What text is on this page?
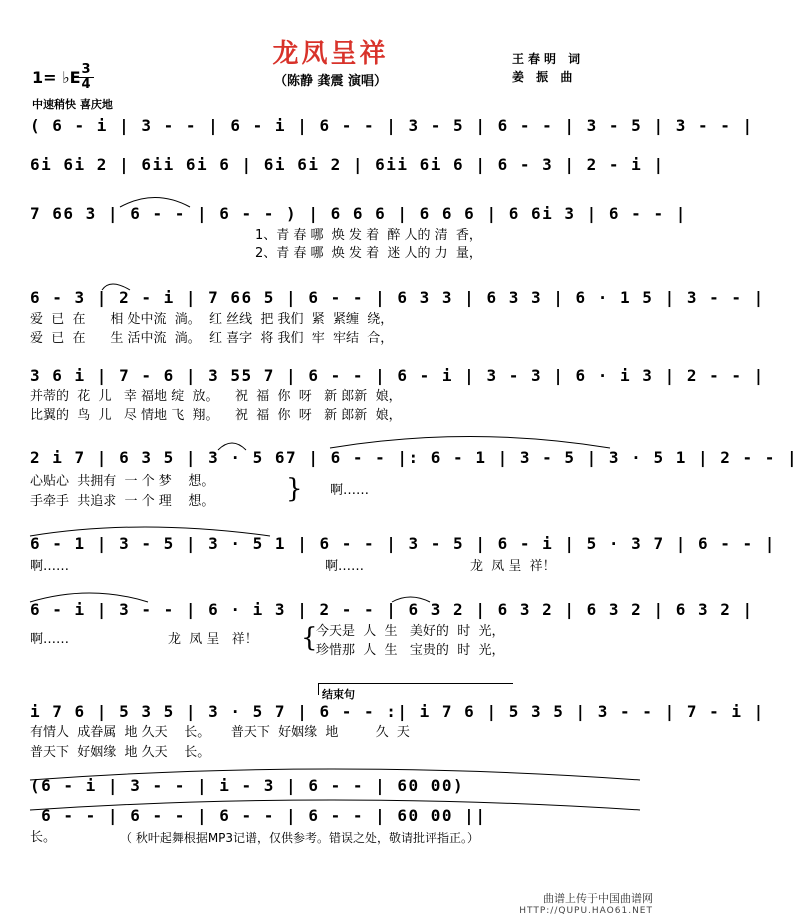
龙凤呈祥
（陈静 龚震 演唱）
王春明 词
姜 振 曲
1= ♭E 3
4
中速稍快 喜庆地
( 6 - i | 3 - - | 6 - i | 6 - - | 3 - 5 | 6 - - | 3 - 5 | 3 - - |
6i 6i 2 | 6ii 6i 6 | 6i 6i 2 | 6ii 6i 6 | 6 - 3 | 2 - i |
7 66 3 | 6 - - | 6 - - ) | 6 6 6 | 6 6 6 | 6 6i 3 | 6 - - |
1、青 春 哪  焕 发 着  醉 人的 清  香，
2、青 春 哪  焕 发 着  迷 人的 力  量，
6 - 3 | 2 - i | 7 66 5 | 6 - - | 6 3 3 | 6 3 3 | 6 · 1 5 | 3 - - |
爱  已  在      相 处中流  淌。  红 丝线  把 我们  紧  紧缠  绕，
爱  已  在      生 活中流  淌。  红 喜字  将 我们  牢  牢结  合，
3 6 i | 7 - 6 | 3 55 7 | 6 - - | 6 - i | 3 - 3 | 6 · i 3 | 2 - - |
并蒂的  花  儿   幸 福地 绽  放。    祝  福  你  呀   新 郎新  娘，
比翼的  鸟  儿   尽 情地 飞  翔。    祝  福  你  呀   新 郎新  娘，
2 i 7 | 6 3 5 | 3 · 5 67 | 6 - - |: 6 - 1 | 3 - 5 | 3 · 5 1 | 2 - - |
心贴心  共拥有  一 个 梦    想。
手牵手  共追求  一 个 理    想。	} 啊……
6 - 1 | 3 - 5 | 3 · 5 1 | 6 - - | 3 - 5 | 6 - i | 5 · 3 7 | 6 - - |
啊……	啊……	龙  凤 呈  祥！
6 - i | 3 - - | 6 · i 3 | 2 - - | 6 3 2 | 6 3 2 | 6 3 2 | 6 3 2 |
啊……	龙  凤 呈   祥！ {
今天是  人  生   美好的  时  光，
珍惜那  人  生   宝贵的  时  光，
结束句
i 7 6 | 5 3 5 | 3 · 5 7 | 6 - - :| i 7 6 | 5 3 5 | 3 - - | 7 - i |
有情人  成眷属  地 久天    长。     普天下  好姻缘  地         久  天
普天下  好姻缘  地 久天    长。
(6 - i | 3 - - | i - 3 | 6 - - | 60 00)
6 - - | 6 - - | 6 - - | 6 - - | 60 00 ||
长。	（ 秋叶起舞根据MP3记谱，仅供参考。错误之处，敬请批评指正。）
曲谱上传于中国曲谱网
HTTP://QUPU.HAO61.NET
